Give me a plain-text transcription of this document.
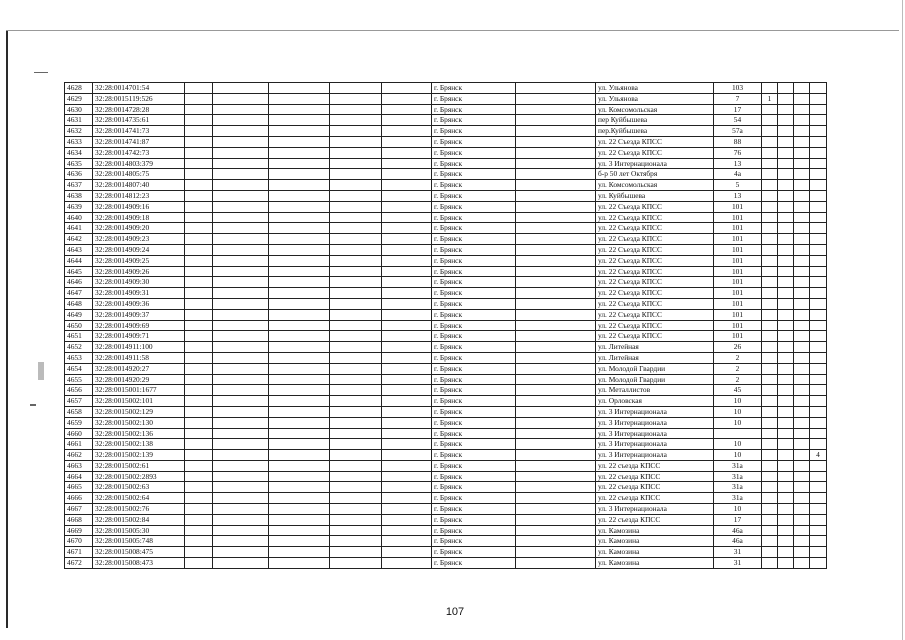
4628	32:28:0014701:54						г. Брянск		ул. Ульянова	103				
4629	32:28:0015119:526						г. Брянск		ул. Ульянова	7	1			
4630	32:28:0014728:28						г. Брянск		ул. Комсомольская	17				
4631	32:28:0014735:61						г. Брянск		пер Куйбышева	54				
4632	32:28:0014741:73						г. Брянск		пер.Куйбышева	57а				
4633	32:28:0014741:87						г. Брянск		ул. 22 Съезда КПСС	88				
4634	32:28:0014742:73						г. Брянск		ул. 22 Съезда КПСС	76				
4635	32:28:0014803:379						г. Брянск		ул. 3 Интернационала	13				
4636	32:28:0014805:75						г. Брянск		б-р 50 лет Октября	4а				
4637	32:28:0014807:40						г. Брянск		ул. Комсомольская	5				
4638	32:28:0014812:23						г. Брянск		ул. Куйбышева	13				
4639	32:28:0014909:16						г. Брянск		ул. 22 Съезда КПСС	101				
4640	32:28:0014909:18						г. Брянск		ул. 22 Съезда КПСС	101				
4641	32:28:0014909:20						г. Брянск		ул. 22 Съезда КПСС	101				
4642	32:28:0014909:23						г. Брянск		ул. 22 Съезда КПСС	101				
4643	32:28:0014909:24						г. Брянск		ул. 22 Съезда КПСС	101				
4644	32:28:0014909:25						г. Брянск		ул. 22 Съезда КПСС	101				
4645	32:28:0014909:26						г. Брянск		ул. 22 Съезда КПСС	101				
4646	32:28:0014909:30						г. Брянск		ул. 22 Съезда КПСС	101				
4647	32:28:0014909:31						г. Брянск		ул. 22 Съезда КПСС	101				
4648	32:28:0014909:36						г. Брянск		ул. 22 Съезда КПСС	101				
4649	32:28:0014909:37						г. Брянск		ул. 22 Съезда КПСС	101				
4650	32:28:0014909:69						г. Брянск		ул. 22 Съезда КПСС	101				
4651	32:28:0014909:71						г. Брянск		ул. 22 Съезда КПСС	101				
4652	32:28:0014911:100						г. Брянск		ул. Литейная	26				
4653	32:28:0014911:58						г. Брянск		ул. Литейная	2				
4654	32:28:0014920:27						г. Брянск		ул. Молодой Гвардии	2				
4655	32:28:0014920:29						г. Брянск		ул. Молодой Гвардии	2				
4656	32:28:0015001:1677						г. Брянск		ул. Металлистов	45				
4657	32:28:0015002:101						г. Брянск		ул. Орловская	10				
4658	32:28:0015002:129						г. Брянск		ул. 3 Интернационала	10				
4659	32:28:0015002:130						г. Брянск		ул. 3 Интернационала	10				
4660	32:28:0015002:136						г. Брянск		ул. 3 Интернационала					
4661	32:28:0015002:138						г. Брянск		ул. 3 Интернационала	10				
4662	32:28:0015002:139						г. Брянск		ул. 3 Интернационала	10				4
4663	32:28:0015002:61						г. Брянск		ул. 22 съезда КПСС	31а				
4664	32:28:0015002:2893						г. Брянск		ул. 22 съезда КПСС	31а				
4665	32:28:0015002:63						г. Брянск		ул. 22 съезда КПСС	31а				
4666	32:28:0015002:64						г. Брянск		ул. 22 съезда КПСС	31а				
4667	32:28:0015002:76						г. Брянск		ул. 3 Интернационала	10				
4668	32:28:0015002:84						г. Брянск		ул. 22 съезда КПСС	17				
4669	32:28:0015005:30						г. Брянск		ул. Камозина	46а				
4670	32:28:0015005:748						г. Брянск		ул. Камозина	46а				
4671	32:28:0015008:475						г. Брянск		ул. Камозина	31				
4672	32:28:0015008:473						г. Брянск		ул. Камозина	31				
107
